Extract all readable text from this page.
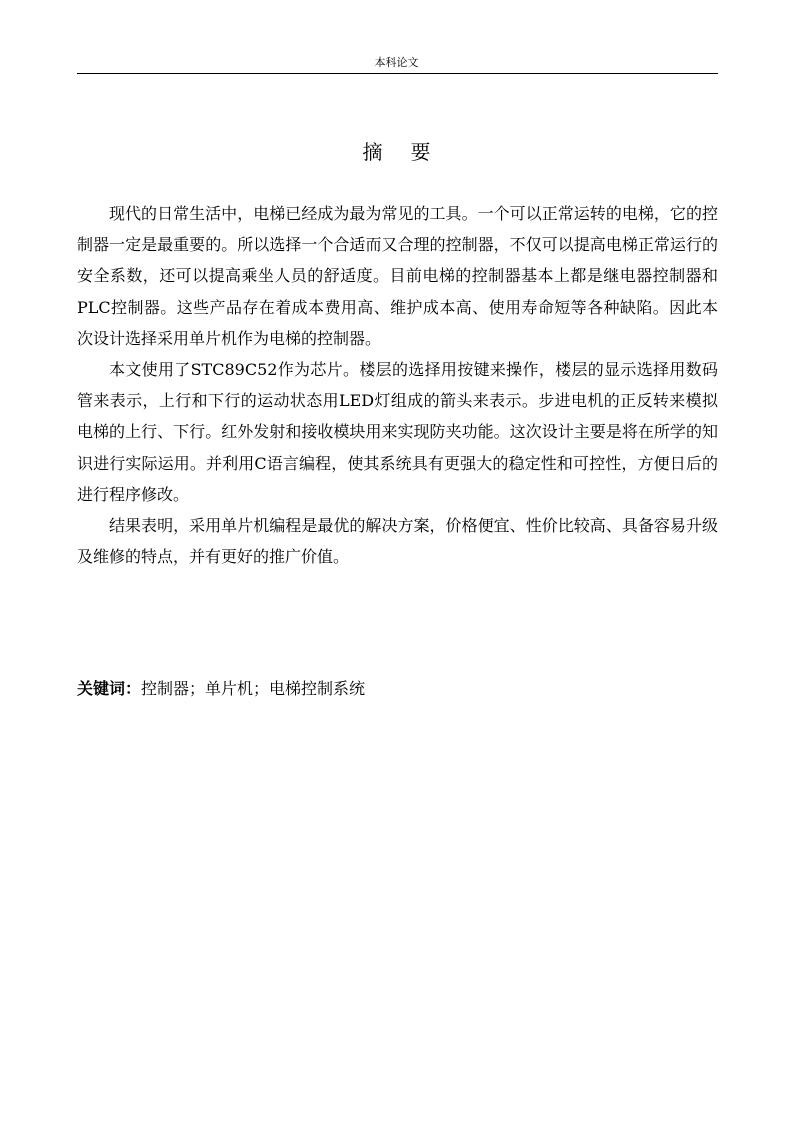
本科论文
摘要

现代的日常生活中，电梯已经成为最为常见的工具。一个可以正常运转的电梯，它的控制器一定是最重要的。所以选择一个合适而又合理的控制器，不仅可以提高电梯正常运行的安全系数，还可以提高乘坐人员的舒适度。目前电梯的控制器基本上都是继电器控制器和PLC控制器。这些产品存在着成本费用高、维护成本高、使用寿命短等各种缺陷。因此本次设计选择采用单片机作为电梯的控制器。

本文使用了STC89C52作为芯片。楼层的选择用按键来操作，楼层的显示选择用数码管来表示，上行和下行的运动状态用LED灯组成的箭头来表示。步进电机的正反转来模拟电梯的上行、下行。红外发射和接收模块用来实现防夹功能。这次设计主要是将在所学的知识进行实际运用。并利用C语言编程，使其系统具有更强大的稳定性和可控性，方便日后的进行程序修改。

结果表明，采用单片机编程是最优的解决方案，价格便宜、性价比较高、具备容易升级及维修的特点，并有更好的推广价值。

关键词：控制器；单片机；电梯控制系统
